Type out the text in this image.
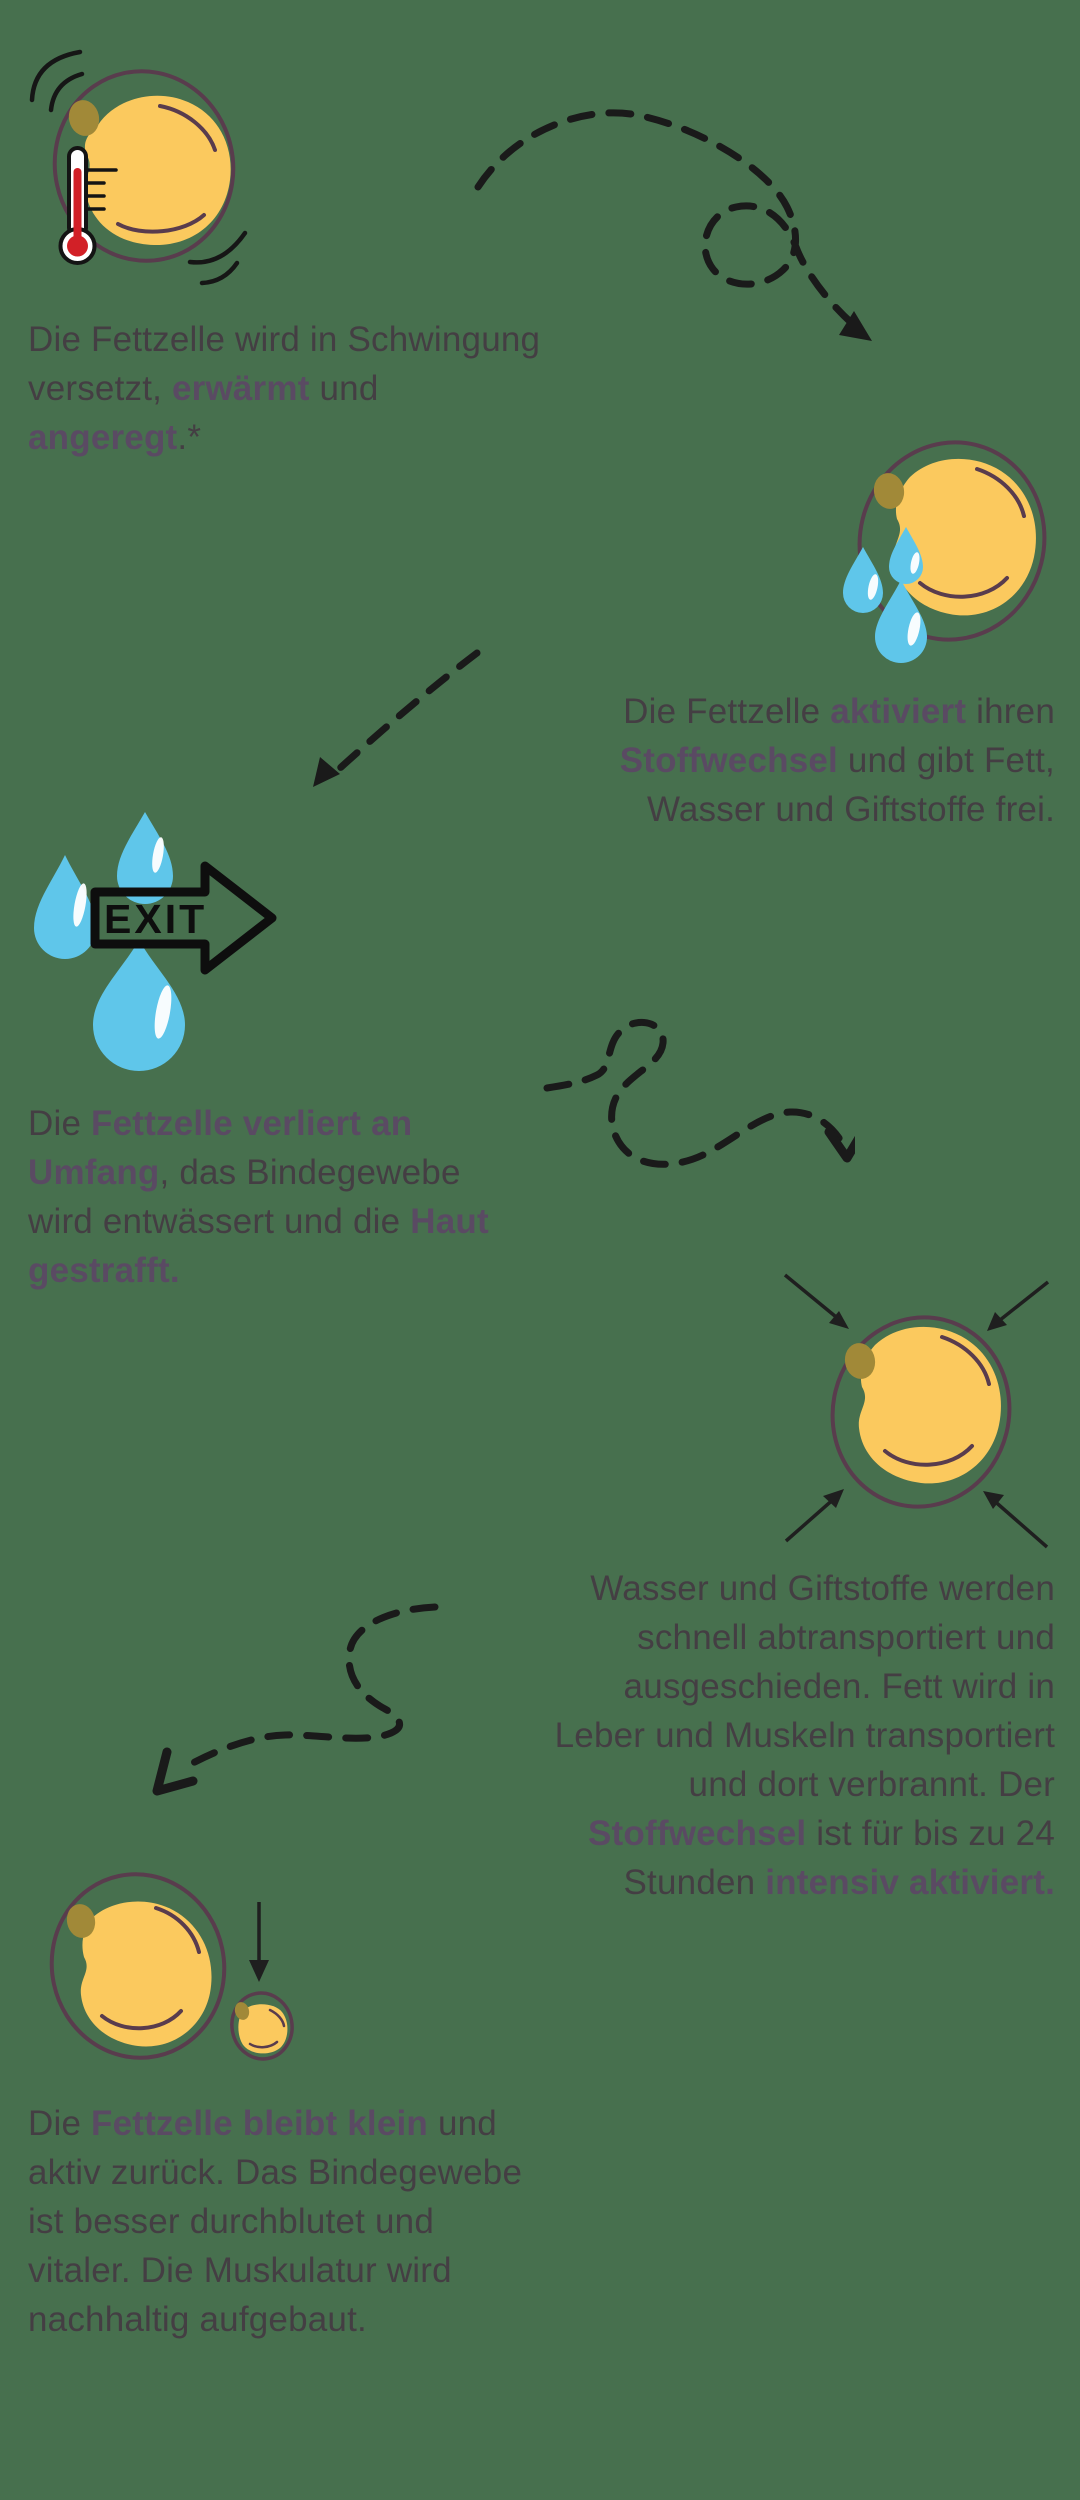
Die Fettzelle wird in Schwingung
versetzt, erwärmt und
angeregt.*
Die Fettzelle aktiviert ihren
Stoffwechsel und gibt Fett,
Wasser und Giftstoffe frei.
EXIT
Die Fettzelle verliert an
Umfang, das Bindegewebe
wird entwässert und die Haut
gestrafft.
Wasser und Giftstoffe werden
schnell abtransportiert und
ausgeschieden. Fett wird in
Leber und Muskeln transportiert
und dort verbrannt. Der
Stoffwechsel ist für bis zu 24
Stunden intensiv aktiviert.
Die Fettzelle bleibt klein und
aktiv zurück. Das Bindegewebe
ist besser durchblutet und
vitaler. Die Muskulatur wird
nachhaltig aufgebaut.
